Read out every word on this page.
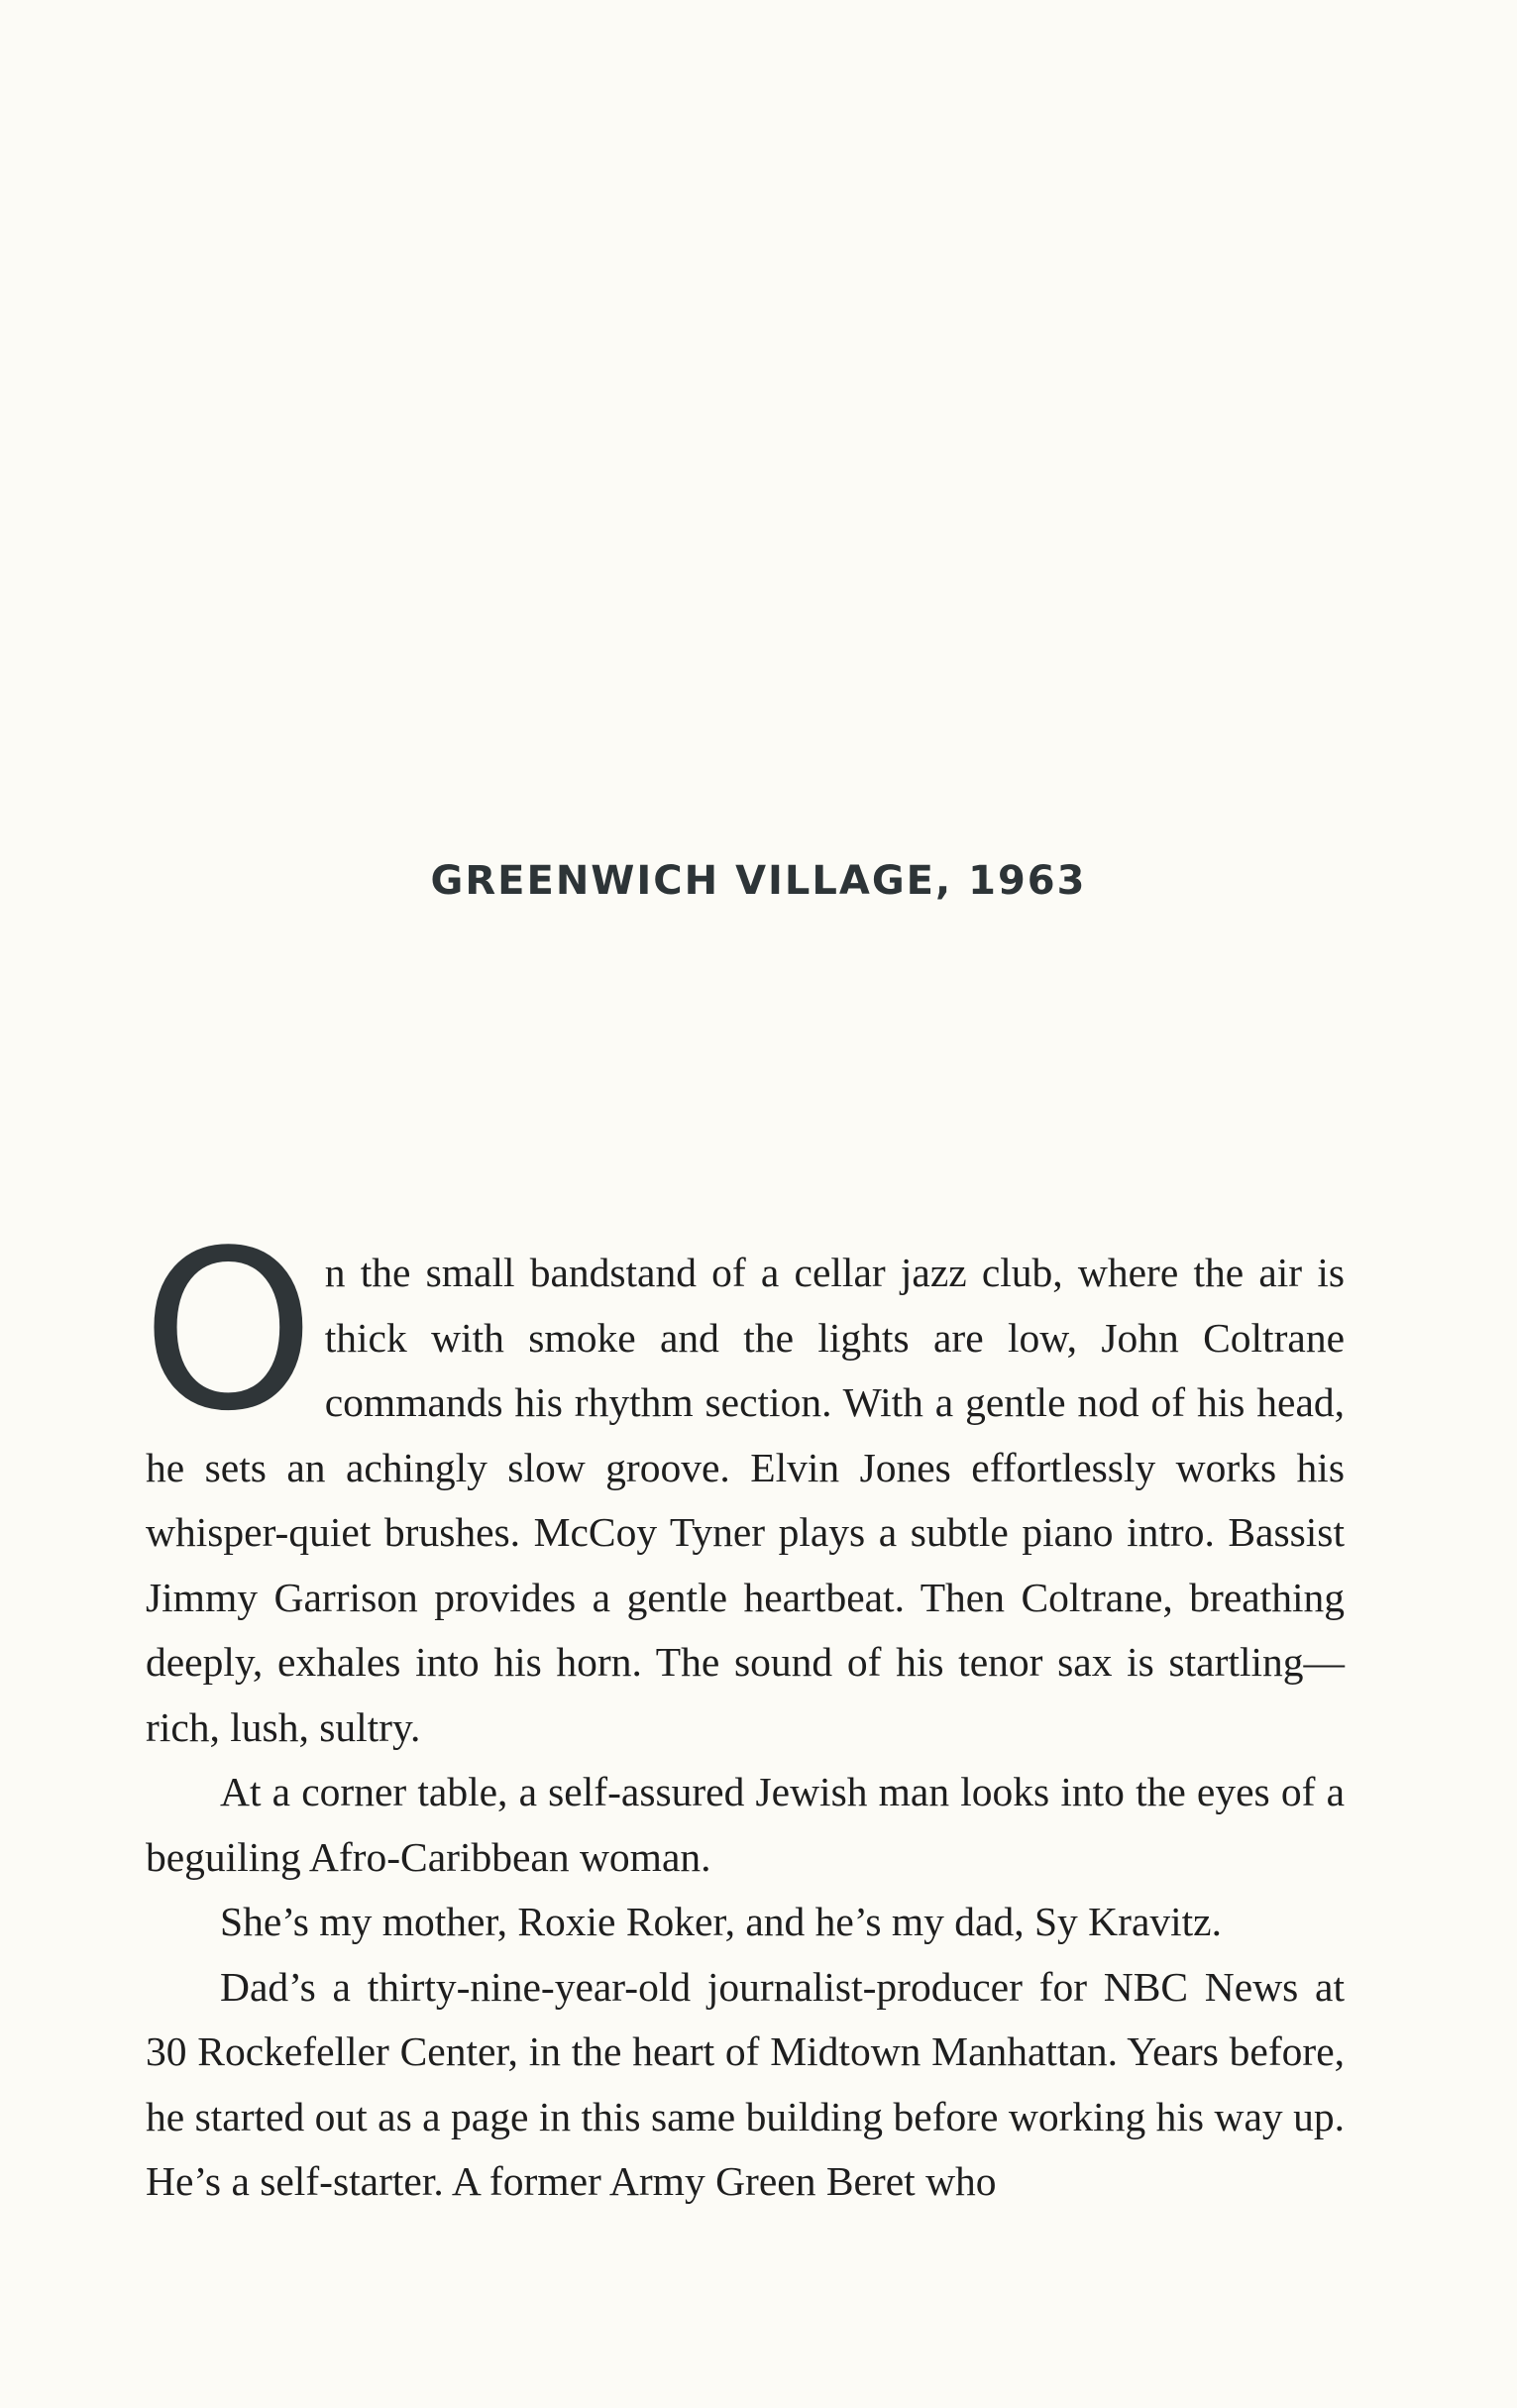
GREENWICH VILLAGE, 1963

On the small bandstand of a cellar jazz club, where the air is thick with smoke and the lights are low, John Coltrane commands his rhythm section. With a gentle nod of his head, he sets an achingly slow groove. Elvin Jones effortlessly works his whisper-quiet brushes. McCoy Tyner plays a subtle piano intro. Bassist Jimmy Garrison provides a gentle heartbeat. Then Coltrane, breathing deeply, exhales into his horn. The sound of his tenor sax is startling—rich, lush, sultry.

At a corner table, a self-assured Jewish man looks into the eyes of a beguiling Afro-Caribbean woman.

She’s my mother, Roxie Roker, and he’s my dad, Sy Kravitz.

Dad’s a thirty-nine-year-old journalist-producer for NBC News at 30 Rockefeller Center, in the heart of Midtown Manhattan. Years before, he started out as a page in this same building before working his way up. He’s a self-starter. A former Army Green Beret who
